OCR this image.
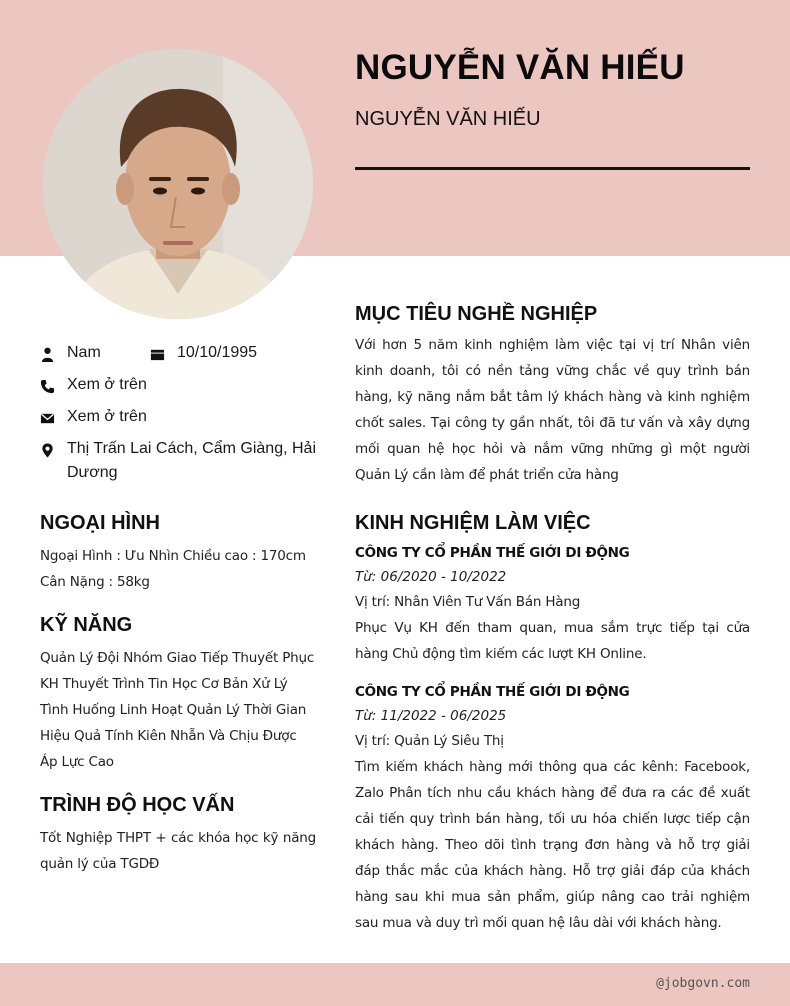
NGUYỄN VĂN HIẾU
NGUYỄN VĂN HIẾU
Nam	10/10/1995
Xem ở trên
Xem ở trên
Thị Trấn Lai Cách, Cẩm Giàng, Hải Dương
NGOẠI HÌNH
Ngoại Hình : Ưu Nhìn Chiều cao : 170cm Cân Nặng : 58kg
KỸ NĂNG
Quản Lý Đội Nhóm Giao Tiếp Thuyết Phục KH Thuyết Trình Tin Học Cơ Bản Xử Lý Tình Huống Linh Hoạt Quản Lý Thời Gian Hiệu Quả Tính Kiên Nhẫn Và Chịu Được Áp Lực Cao
TRÌNH ĐỘ HỌC VẤN
Tốt Nghiệp THPT + các khóa học kỹ năng quản lý của TGDĐ
MỤC TIÊU NGHỀ NGHIỆP
Với hơn 5 năm kinh nghiệm làm việc tại vị trí Nhân viên kinh doanh, tôi có nền tảng vững chắc về quy trình bán hàng, kỹ năng nắm bắt tâm lý khách hàng và kinh nghiệm chốt sales. Tại công ty gần nhất, tôi đã tư vấn và xây dựng mối quan hệ học hỏi và nắm vững những gì một người Quản Lý cần làm để phát triển cửa hàng
KINH NGHIỆM LÀM VIỆC
CÔNG TY CỔ PHẦN THẾ GIỚI DI ĐỘNG
Từ: 06/2020 - 10/2022
Vị trí: Nhân Viên Tư Vấn Bán Hàng
Phục Vụ KH đến tham quan, mua sắm trực tiếp tại cửa hàng Chủ động tìm kiếm các lượt KH Online.
CÔNG TY CỔ PHẦN THẾ GIỚI DI ĐỘNG
Từ: 11/2022 - 06/2025
Vị trí: Quản Lý Siêu Thị
Tìm kiếm khách hàng mới thông qua các kênh: Facebook, Zalo Phân tích nhu cầu khách hàng để đưa ra các đề xuất cải tiến quy trình bán hàng, tối ưu hóa chiến lược tiếp cận khách hàng. Theo dõi tình trạng đơn hàng và hỗ trợ giải đáp thắc mắc của khách hàng. Hỗ trợ giải đáp của khách hàng sau khi mua sản phẩm, giúp nâng cao trải nghiệm sau mua và duy trì mối quan hệ lâu dài với khách hàng.
@jobgovn.com
